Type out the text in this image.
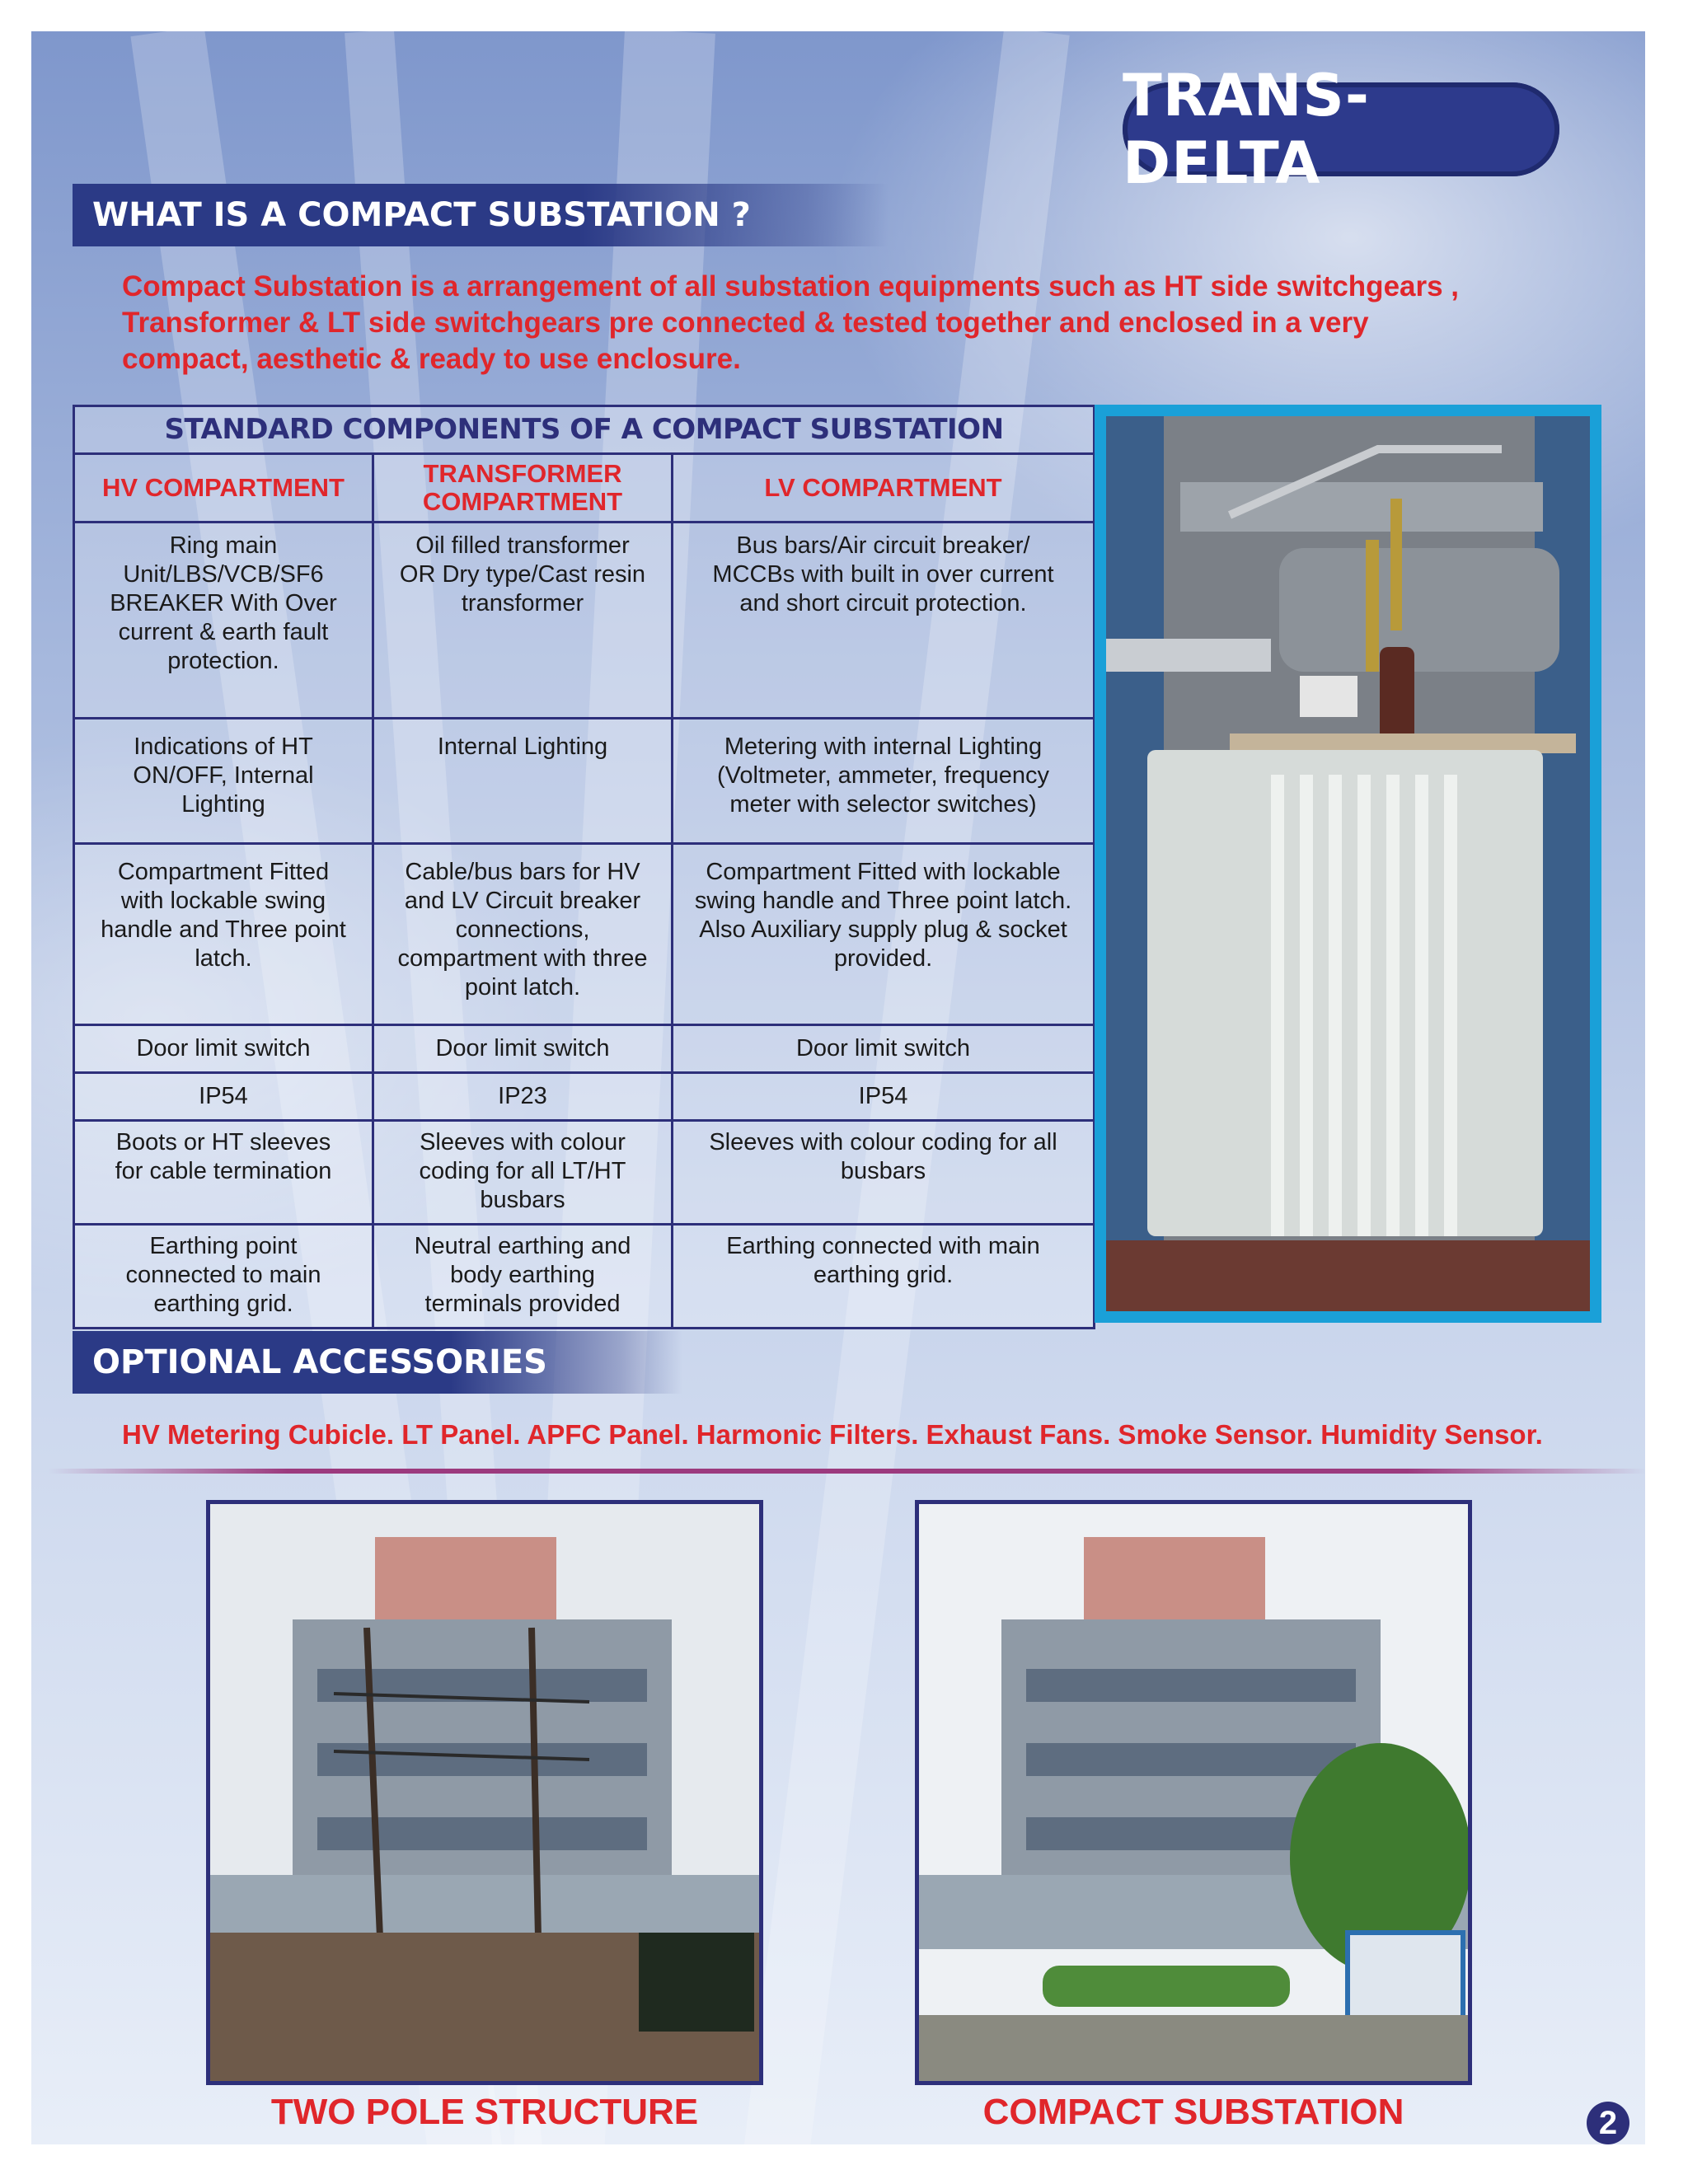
TRANS-DELTA
WHAT IS A COMPACT SUBSTATION ?
Compact Substation is a arrangement of all substation equipments such as HT side switchgears ,
Transformer & LT side switchgears pre connected & tested together and enclosed in a very
compact, aesthetic & ready to use enclosure.
STANDARD COMPONENTS OF A COMPACT SUBSTATION		
HV COMPARTMENT	TRANSFORMER COMPARTMENT	LV COMPARTMENT
Ring main Unit/LBS/VCB/SF6 BREAKER With Over current & earth fault protection.	Oil filled transformer OR Dry type/Cast resin transformer	Bus bars/Air circuit breaker/ MCCBs with built in over current and short circuit protection.
Indications of HT ON/OFF, Internal Lighting	Internal Lighting	Metering with internal Lighting (Voltmeter, ammeter, frequency meter with selector switches)
Compartment Fitted with lockable swing handle and Three point latch.	Cable/bus bars for HV and LV Circuit breaker connections, compartment with three point latch.	Compartment Fitted with lockable swing handle and Three point latch. Also Auxiliary supply plug & socket provided.
Door limit switch	Door limit switch	Door limit switch
IP54	IP23	IP54
Boots or HT sleeves for cable termination	Sleeves with colour coding for all LT/HT busbars	Sleeves with colour coding for all busbars
Earthing point connected to main earthing grid.	Neutral earthing and body earthing terminals provided	Earthing connected with main earthing grid.
OPTIONAL ACCESSORIES
HV Metering Cubicle. LT Panel. APFC Panel. Harmonic Filters. Exhaust Fans. Smoke Sensor. Humidity Sensor.
TWO POLE STRUCTURE	COMPACT SUBSTATION	2
